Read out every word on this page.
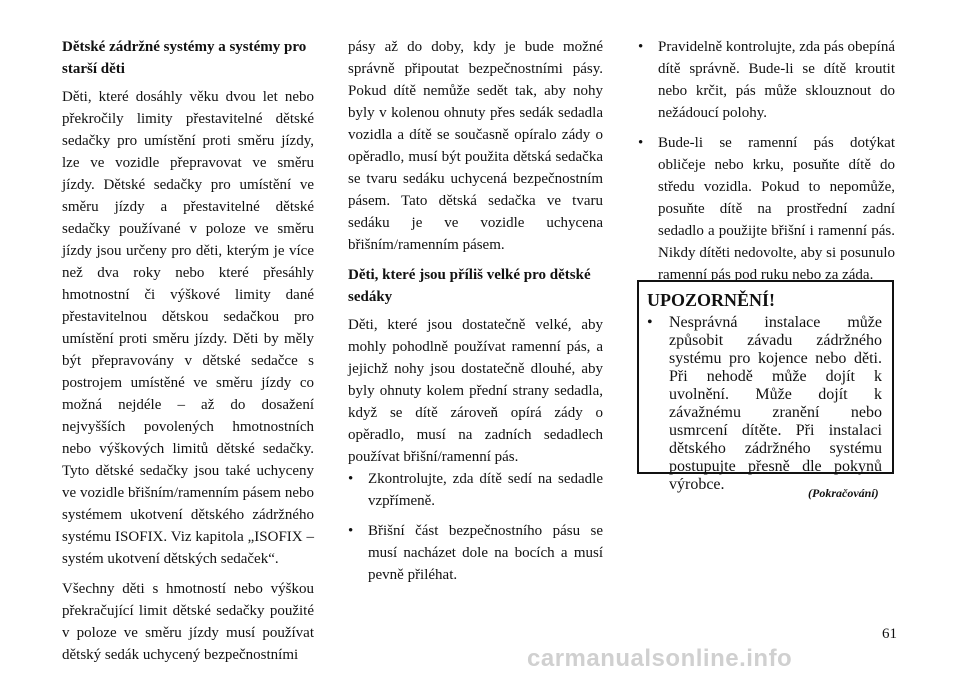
Dětské zádržné systémy a systémy pro starší děti

Děti, které dosáhly věku dvou let nebo překročily limity přestavitelné dětské sedačky pro umístění proti směru jízdy, lze ve vozidle přepravovat ve směru jízdy. Dětské sedačky pro umístění ve směru jízdy a přestavitelné dětské sedačky používané v poloze ve směru jízdy jsou určeny pro děti, kterým je více než dva roky nebo které přesáhly hmotnostní či výškové limity dané přestavitelnou dětskou sedačkou pro umístění proti směru jízdy. Děti by měly být přepravovány v dětské sedačce s postrojem umístěné ve směru jízdy co možná nejdéle – až do dosažení nejvyšších povolených hmotnostních nebo výškových limitů dětské sedačky. Tyto dětské sedačky jsou také uchyceny ve vozidle břišním/ramenním pásem nebo systémem ukotvení dětského zádržného systému ISOFIX. Viz kapitola „ISOFIX – systém ukotvení dětských sedaček“.

Všechny děti s hmotností nebo výškou překračující limit dětské sedačky použité v poloze ve směru jízdy musí používat dětský sedák uchycený bezpečnostními

pásy až do doby, kdy je bude možné správně připoutat bezpečnostními pásy. Pokud dítě nemůže sedět tak, aby nohy byly v kolenou ohnuty přes sedák sedadla vozidla a dítě se současně opíralo zády o opěradlo, musí být použita dětská sedačka se tvaru sedáku uchycená bezpečnostním pásem. Tato dětská sedačka ve tvaru sedáku je ve vozidle uchycena břišním/ramenním pásem.

Děti, které jsou příliš velké pro dětské sedáky

Děti, které jsou dostatečně velké, aby mohly pohodlně používat ramenní pás, a jejichž nohy jsou dostatečně dlouhé, aby byly ohnuty kolem přední strany sedadla, když se dítě zároveň opírá zády o opěradlo, musí na zadních sedadlech používat břišní/ramenní pás.

• Zkontrolujte, zda dítě sedí na sedadle vzpřímeně.
• Břišní část bezpečnostního pásu se musí nacházet dole na bocích a musí pevně přiléhat.
• Pravidelně kontrolujte, zda pás obepíná dítě správně. Bude-li se dítě kroutit nebo krčit, pás může sklouznout do nežádoucí polohy.
• Bude-li se ramenní pás dotýkat obličeje nebo krku, posuňte dítě do středu vozidla. Pokud to nepomůže, posuňte dítě na prostřední zadní sedadlo a použijte břišní i ramenní pás. Nikdy dítěti nedovolte, aby si posunulo ramenní pás pod ruku nebo za záda.
UPOZORNĚNÍ!
• Nesprávná instalace může způsobit závadu zádržného systému pro kojence nebo děti. Při nehodě může dojít k uvolnění. Může dojít k závažnému zranění nebo usmrcení dítěte. Při instalaci dětského zádržného systému postupujte přesně dle pokynů výrobce.	(Pokračování)
61
carmanualsonline.info
